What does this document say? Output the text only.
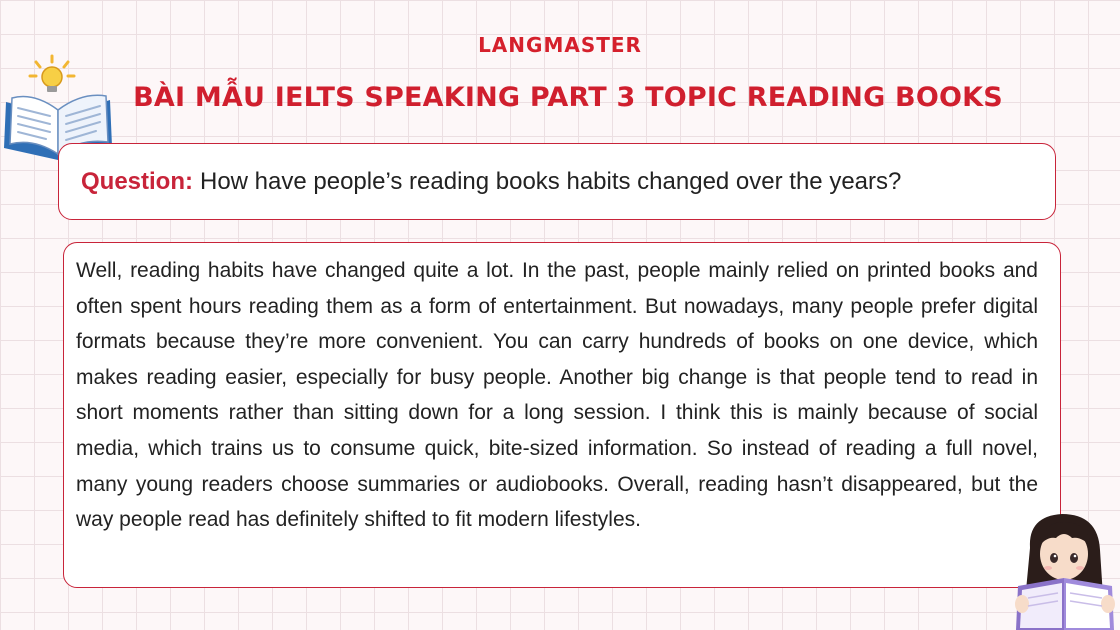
LANGMASTER
BÀI MẪU IELTS SPEAKING PART 3 TOPIC READING BOOKS
Question: How have people’s reading books habits changed over the years?

Well, reading habits have changed quite a lot. In the past, people mainly relied on printed books and often spent hours reading them as a form of entertainment. But nowadays, many people prefer digital formats because they’re more convenient. You can carry hundreds of books on one device, which makes reading easier, especially for busy people. Another big change is that people tend to read in short moments rather than sitting down for a long session. I think this is mainly because of social media, which trains us to consume quick, bite-sized information. So instead of reading a full novel, many young readers choose summaries or audiobooks. Overall, reading hasn’t disappeared, but the way people read has definitely shifted to fit modern lifestyles.
